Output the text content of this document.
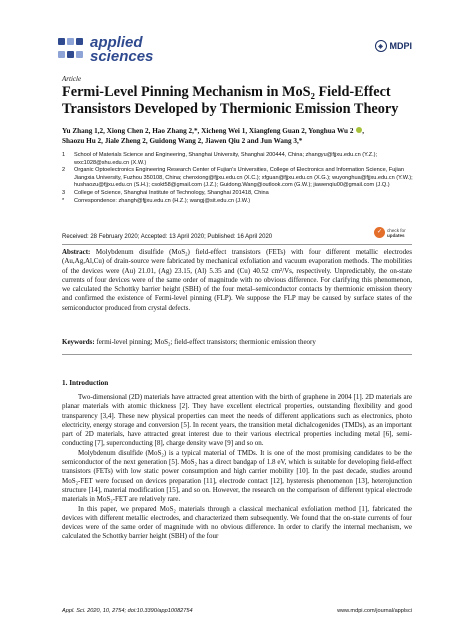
applied
sciences
◈ MDPI
Article
Fermi-Level Pinning Mechanism in MoS₂ Field-Effect Transistors Developed by Thermionic Emission Theory
Yu Zhang 1,2, Xiong Chen 2, Hao Zhang 2,*, Xicheng Wei 1, Xiangfeng Guan 2, Yonghua Wu 2 ,
Shaozu Hu 2, Jiale Zheng 2, Guidong Wang 2, Jiawen Qiu 2 and Jun Wang 3,*
1	School of Materials Science and Engineering, Shanghai University, Shanghai 200444, China; zhangyu@fjjxu.edu.cn (Y.Z.); wxc1028@shu.edu.cn (X.W.)
2	Organic Optoelectronics Engineering Research Center of Fujian's Universities, College of Electronics and Information Science, Fujian Jiangxia University, Fuzhou 350108, China; chenxiong@fjjxu.edu.cn (X.C.); xfguan@fjjxu.edu.cn (X.G.); wuyonghua@fjjxu.edu.cn (Y.W.); hushaozu@fjjxu.edu.cn (S.H.); csokt58@gmail.com (J.Z.); Guidong.Wang@outlook.com (G.W.); jiawenqiu00@gmail.com (J.Q.)
3	College of Science, Shanghai Institute of Technology, Shanghai 201418, China
*	Correspondence: zhangh@fjjxu.edu.cn (H.Z.); wangj@sit.edu.cn (J.W.)
Received: 28 February 2020; Accepted: 13 April 2020; Published: 16 April 2020
✓	check for
updates

Abstract: Molybdenum disulfide (MoS₂) field-effect transistors (FETs) with four different metallic electrodes (Au,Ag,Al,Cu) of drain-source were fabricated by mechanical exfoliation and vacuum evaporation methods. The mobilities of the devices were (Au) 21.01, (Ag) 23.15, (Al) 5.35 and (Cu) 40.52 cm²/Vs, respectively. Unpredictably, the on-state currents of four devices were of the same order of magnitude with no obvious difference. For clarifying this phenomenon, we calculated the Schottky barrier height (SBH) of the four metal–semiconductor contacts by thermionic emission theory and confirmed the existence of Fermi-level pinning (FLP). We suppose the FLP may be caused by surface states of the semiconductor produced from crystal defects.

Keywords: fermi-level pinning; MoS₂; field-effect transistors; thermionic emission theory

1. Introduction

Two-dimensional (2D) materials have attracted great attention with the birth of graphene in 2004 [1]. 2D materials are planar materials with atomic thickness [2]. They have excellent electrical properties, outstanding flexibility and good transparency [3,4]. These new physical properties can meet the needs of different applications such as electronics, photo electricity, energy storage and conversion [5]. In recent years, the transition metal dichalcogenides (TMDs), as an important part of 2D materials, have attracted great interest due to their various electrical properties including metal [6], semi-conducting [7], superconducting [8], charge density wave [9] and so on.

Molybdenum disulfide (MoS₂) is a typical material of TMDs. It is one of the most promising candidates to be the semiconductor of the next generation [5]. MoS₂ has a direct bandgap of 1.8 eV, which is suitable for developing field-effect transistors (FETs) with low static power consumption and high carrier mobility [10]. In the past decade, studies around MoS₂-FET were focused on devices preparation [11], electrode contact [12], hysteresis phenomenon [13], heterojunction structure [14], material modification [15], and so on. However, the research on the comparison of different typical electrode materials in MoS₂-FET are relatively rare.

In this paper, we prepared MoS₂ materials through a classical mechanical exfoliation method [1], fabricated the devices with different metallic electrodes, and characterized them subsequently. We found that the on-state currents of four devices were of the same order of magnitude with no obvious difference. In order to clarify the internal mechanism, we calculated the Schottky barrier height (SBH) of the four

Appl. Sci. 2020, 10, 2754; doi:10.3390/app10082754	www.mdpi.com/journal/applsci
